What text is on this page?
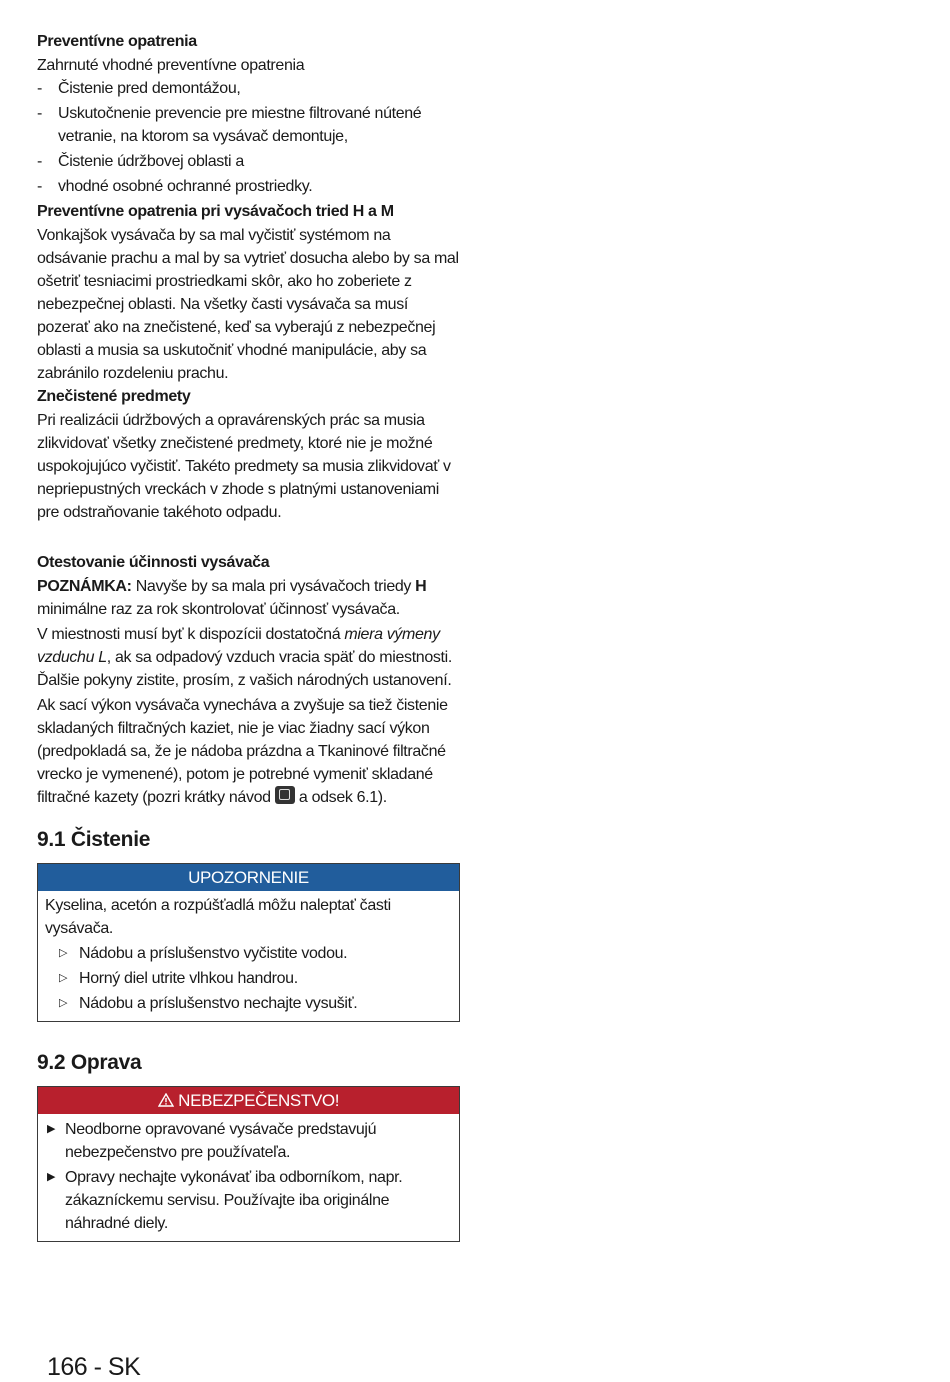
Preventívne opatrenia

Zahrnuté vhodné preventívne opatrenia

- Čistenie pred demontážou,
- Uskutočnenie prevencie pre miestne filtrované nútené vetranie, na ktorom sa vysávač demontuje,
- Čistenie údržbovej oblasti a
- vhodné osobné ochranné prostriedky.

Preventívne opatrenia pri vysávačoch tried H a M

Vonkajšok vysávača by sa mal vyčistiť systémom na odsávanie prachu a mal by sa vytrieť dosucha alebo by sa mal ošetriť tesniacimi prostriedkami skôr, ako ho zoberiete z nebezpečnej oblasti. Na všetky časti vysávača sa musí pozerať ako na znečistené, keď sa vyberajú z nebezpečnej oblasti a musia sa uskutočniť vhodné manipulácie, aby sa zabránilo rozdeleniu prachu.

Znečistené predmety

Pri realizácii údržbových a opravárenských prác sa musia zlikvidovať všetky znečistené predmety, ktoré nie je možné uspokojujúco vyčistiť. Takéto predmety sa musia zlikvidovať v nepriepustných vreckách v zhode s platnými ustanoveniami pre odstraňovanie takéhoto odpadu.

Otestovanie účinnosti vysávača

POZNÁMKA: Navyše by sa mala pri vysávačoch triedy H minimálne raz za rok skontrolovať účinnosť vysávača.

V miestnosti musí byť k dispozícii dostatočná miera výmeny vzduchu L, ak sa odpadový vzduch vracia späť do miestnosti. Ďalšie pokyny zistite, prosím, z vašich národných ustanovení.

Ak sací výkon vysávača vynecháva a zvyšuje sa tiež čistenie skladaných filtračných kaziet, nie je viac žiadny sací výkon (predpokladá sa, že je nádoba prázdna a Tkaninové filtračné vrecko je vymenené), potom je potrebné vymeniť skladané filtračné kazety (pozri krátky návod  a odsek 6.1).

9.1 Čistenie
UPOZORNENIE

Kyselina, acetón a rozpúšťadlá môžu naleptať časti vysávača.

▷ Nádobu a príslušenstvo vyčistite vodou.
▷ Horný diel utrite vlhkou handrou.
▷ Nádobu a príslušenstvo nechajte vysušiť.
9.2 Oprava
NEBEZPEČENSTVO!
▶ Neodborne opravované vysávače predstavujú nebezpečenstvo pre používateľa.
▶ Opravy nechajte vykonávať iba odborníkom, napr. zákazníckemu servisu. Používajte iba originálne náhradné diely.
166 - SK
